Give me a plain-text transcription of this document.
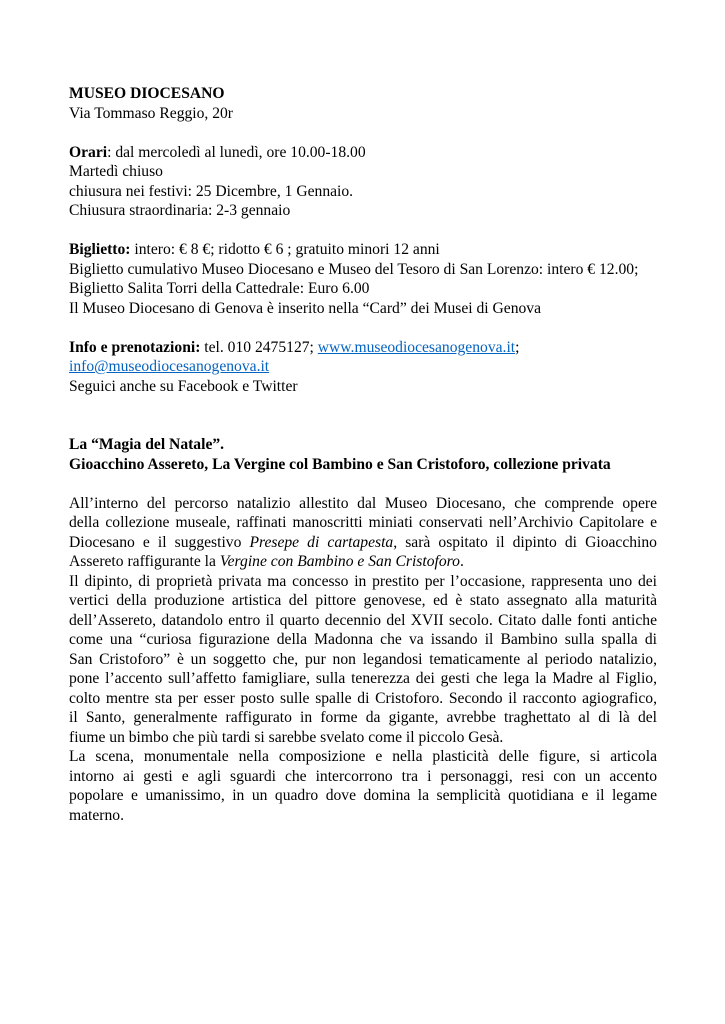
MUSEO DIOCESANO
Via Tommaso Reggio, 20r
Orari: dal mercoledì al lunedì, ore 10.00-18.00
Martedì chiuso
chiusura nei festivi: 25 Dicembre, 1 Gennaio.
Chiusura straordinaria: 2-3 gennaio
Biglietto: intero: € 8 €; ridotto € 6 ; gratuito minori 12 anni
Biglietto cumulativo Museo Diocesano e Museo del Tesoro di San Lorenzo: intero € 12.00;
Biglietto Salita Torri della Cattedrale: Euro 6.00
Il Museo Diocesano di Genova è inserito nella “Card” dei Musei di Genova
Info e prenotazioni: tel. 010 2475127; www.museodiocesanogenova.it;
info@museodiocesanogenova.it
Seguici anche su Facebook e Twitter
La “Magia del Natale”.
Gioacchino Assereto, La Vergine col Bambino e San Cristoforo, collezione privata
All’interno del percorso natalizio allestito dal Museo Diocesano, che comprende opere
della collezione museale, raffinati manoscritti miniati conservati nell’Archivio Capitolare e
Diocesano e il suggestivo Presepe di cartapesta, sarà ospitato il dipinto di Gioacchino
Assereto raffigurante la Vergine con Bambino e San Cristoforo.
Il dipinto, di proprietà privata ma concesso in prestito per l’occasione, rappresenta uno dei
vertici della produzione artistica del pittore genovese, ed è stato assegnato alla maturità
dell’Assereto, datandolo entro il quarto decennio del XVII secolo. Citato dalle fonti antiche
come una “curiosa figurazione della Madonna che va issando il Bambino sulla spalla di
San Cristoforo” è un soggetto che, pur non legandosi tematicamente al periodo natalizio,
pone l’accento sull’affetto famigliare, sulla tenerezza dei gesti che lega la Madre al Figlio,
colto mentre sta per esser posto sulle spalle di Cristoforo. Secondo il racconto agiografico,
il Santo, generalmente raffigurato in forme da gigante, avrebbe traghettato al di là del
fiume un bimbo che più tardi si sarebbe svelato come il piccolo Gesà.
La scena, monumentale nella composizione e nella plasticità delle figure, si articola
intorno ai gesti e agli sguardi che intercorrono tra i personaggi, resi con un accento
popolare e umanissimo, in un quadro dove domina la semplicità quotidiana e il legame
materno.
